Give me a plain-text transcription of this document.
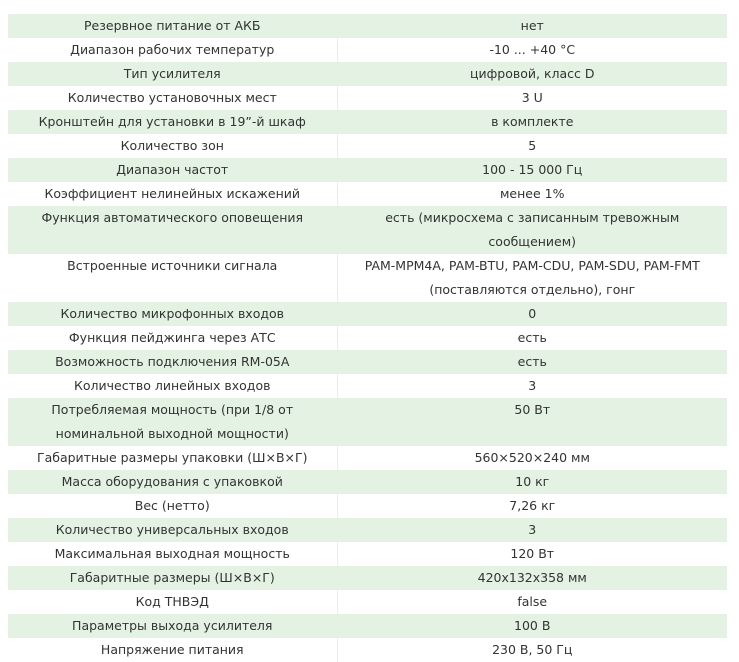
Резервное питание от АКБ	нет
Диапазон рабочих температур	-10 ... +40 °C
Тип усилителя	цифровой, класс D
Количество установочных мест	3 U
Кронштейн для установки в 19”-й шкаф	в комплекте
Количество зон	5
Диапазон частот	100 - 15 000 Гц
Коэффициент нелинейных искажений	менее 1%
Функция автоматического оповещения	есть (микросхема с записанным тревожным сообщением)
Встроенные источники сигнала	PAM-MPM4A, PAM-BTU, PAM-CDU, PAM-SDU, PAM-FMT (поставляются отдельно), гонг
Количество микрофонных входов	0
Функция пейджинга через АТС	есть
Возможность подключения RM-05A	есть
Количество линейных входов	3
Потребляемая мощность (при 1/8 от номинальной выходной мощности)	50 Вт
Габаритные размеры упаковки (Ш×В×Г)	560×520×240 мм
Масса оборудования с упаковкой	10 кг
Вес (нетто)	7,26 кг
Количество универсальных входов	3
Максимальная выходная мощность	120 Вт
Габаритные размеры (Ш×В×Г)	420x132x358 мм
Код ТНВЭД	false
Параметры выхода усилителя	100 В
Напряжение питания	230 В, 50 Гц
